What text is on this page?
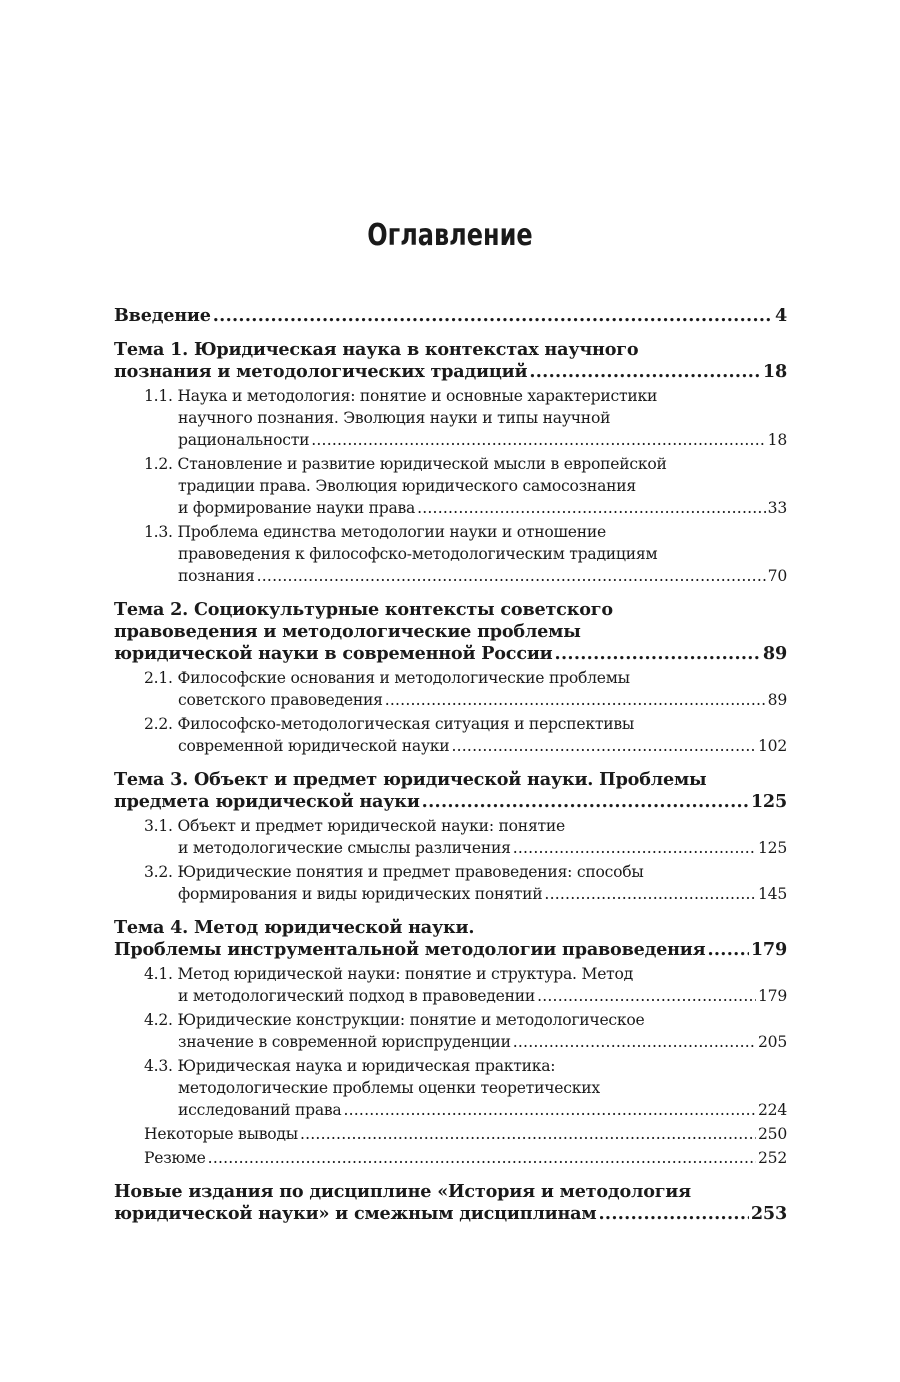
Оглавление
Введение .....	4
Тема 1. Юридическая наука в контекстах научного
познания и методологических традиций .....	18
1.1. Наука и методология: понятие и основные характеристики
научного познания. Эволюция науки и типы научной
рациональности .....	18
1.2. Становление и развитие юридической мысли в европейской
традиции права. Эволюция юридического самосознания
и формирование науки права .....	33
1.3. Проблема единства методологии науки и отношение
правоведения к философско-методологическим традициям
познания .....	70
Тема 2. Социокультурные контексты советского
правоведения и методологические проблемы
юридической науки в современной России .....	89
2.1. Философские основания и методологические проблемы
советского правоведения .....	89
2.2. Философско-методологическая ситуация и перспективы
современной юридической науки .....	102
Тема 3. Объект и предмет юридической науки. Проблемы
предмета юридической науки .....	125
3.1. Объект и предмет юридической науки: понятие
и методологические смыслы различения .....	125
3.2. Юридические понятия и предмет правоведения: способы
формирования и виды юридических понятий .....	145
Тема 4. Метод юридической науки.
Проблемы инструментальной методологии правоведения .....	179
4.1. Метод юридической науки: понятие и структура. Метод
и методологический подход в правоведении .....	179
4.2. Юридические конструкции: понятие и методологическое
значение в современной юриспруденции .....	205
4.3. Юридическая наука и юридическая практика:
методологические проблемы оценки теоретических
исследований права .....	224
Некоторые выводы .....	250
Резюме .....	252
Новые издания по дисциплине «История и методология
юридической науки» и смежным дисциплинам .....	253
